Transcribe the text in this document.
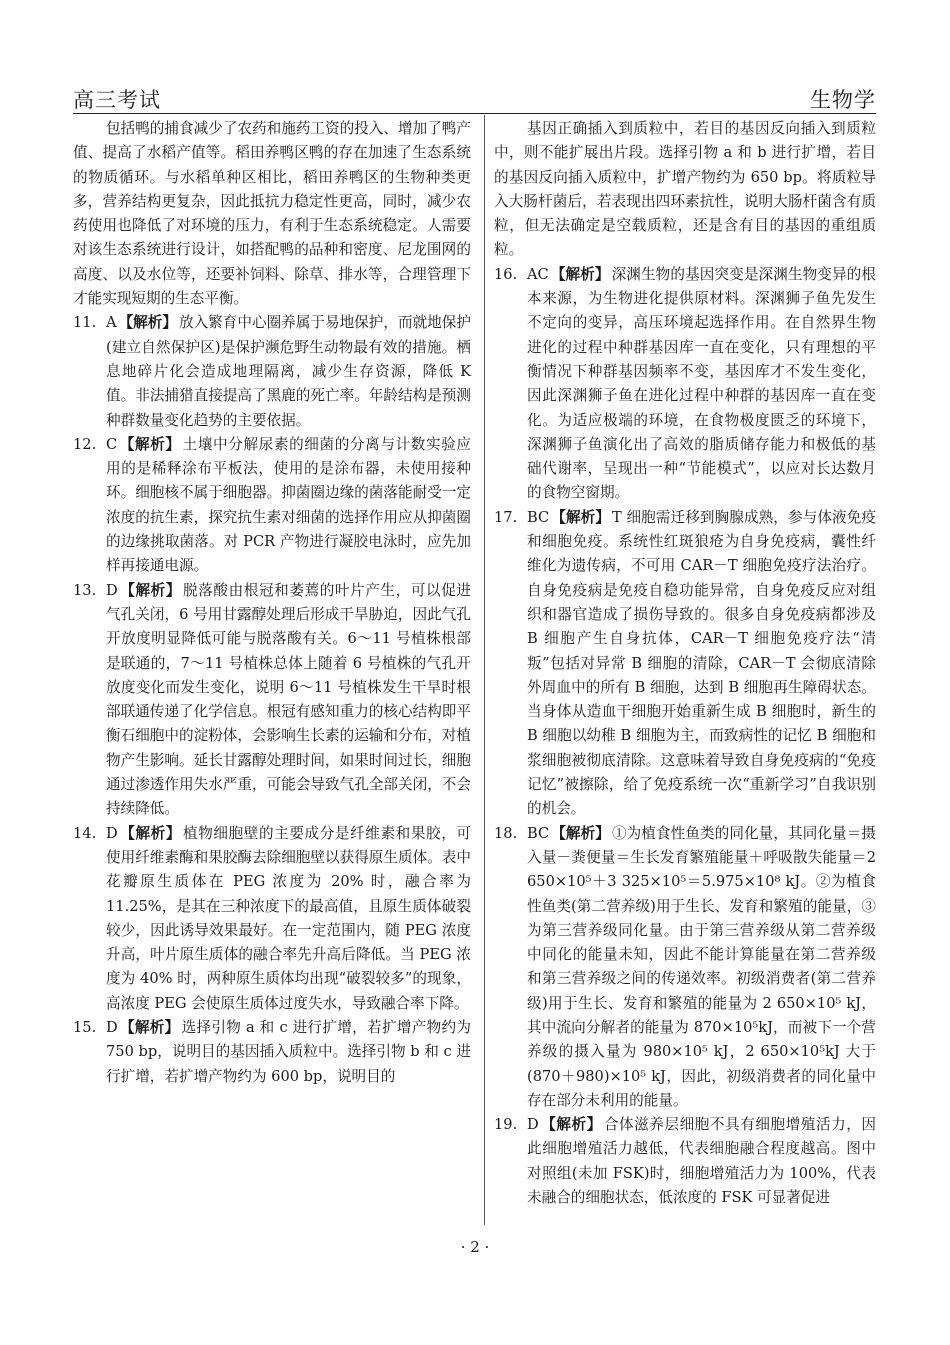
高三考试	生物学

包括鸭的捕食减少了农药和施药工资的投入、增加了鸭产值、提高了水稻产值等。稻田养鸭区鸭的存在加速了生态系统的物质循环。与水稻单种区相比，稻田养鸭区的生物种类更多，营养结构更复杂，因此抵抗力稳定性更高，同时，减少农药使用也降低了对环境的压力，有利于生态系统稳定。人需要对该生态系统进行设计，如搭配鸭的品种和密度、尼龙围网的高度、以及水位等，还要补饲料、除草、排水等，合理管理下才能实现短期的生态平衡。

11. A 【解析】 放入繁育中心圈养属于易地保护，而就地保护(建立自然保护区)是保护濒危野生动物最有效的措施。栖息地碎片化会造成地理隔离，减少生存资源，降低 K 值。非法捕猎直接提高了黑鹿的死亡率。年龄结构是预测种群数量变化趋势的主要依据。
12. C 【解析】 土壤中分解尿素的细菌的分离与计数实验应用的是稀释涂布平板法，使用的是涂布器，未使用接种环。细胞核不属于细胞器。抑菌圈边缘的菌落能耐受一定浓度的抗生素，探究抗生素对细菌的选择作用应从抑菌圈的边缘挑取菌落。对 PCR 产物进行凝胶电泳时，应先加样再接通电源。
13. D 【解析】 脱落酸由根冠和萎蔫的叶片产生，可以促进气孔关闭，6 号用甘露醇处理后形成干旱胁迫，因此气孔开放度明显降低可能与脱落酸有关。6～11 号植株根部是联通的，7～11 号植株总体上随着 6 号植株的气孔开放度变化而发生变化，说明 6～11 号植株发生干旱时根部联通传递了化学信息。根冠有感知重力的核心结构即平衡石细胞中的淀粉体，会影响生长素的运输和分布，对植物产生影响。延长甘露醇处理时间，如果时间过长，细胞通过渗透作用失水严重，可能会导致气孔全部关闭，不会持续降低。
14. D 【解析】 植物细胞壁的主要成分是纤维素和果胶，可使用纤维素酶和果胶酶去除细胞壁以获得原生质体。表中花瓣原生质体在 PEG 浓度为 20% 时，融合率为 11.25%，是其在三种浓度下的最高值，且原生质体破裂较少，因此诱导效果最好。在一定范围内，随 PEG 浓度升高，叶片原生质体的融合率先升高后降低。当 PEG 浓度为 40% 时，两种原生质体均出现“破裂较多”的现象，高浓度 PEG 会使原生质体过度失水，导致融合率下降。
15. D 【解析】 选择引物 a 和 c 进行扩增，若扩增产物约为 750 bp，说明目的基因插入质粒中。选择引物 b 和 c 进行扩增，若扩增产物约为 600 bp，说明目的

基因正确插入到质粒中，若目的基因反向插入到质粒中，则不能扩展出片段。选择引物 a 和 b 进行扩增，若目的基因反向插入质粒中，扩增产物约为 650 bp。将质粒导入大肠杆菌后，若表现出四环素抗性，说明大肠杆菌含有质粒，但无法确定是空载质粒，还是含有目的基因的重组质粒。

16. AC 【解析】 深渊生物的基因突变是深渊生物变异的根本来源，为生物进化提供原材料。深渊狮子鱼先发生不定向的变异，高压环境起选择作用。在自然界生物进化的过程中种群基因库一直在变化，只有理想的平衡情况下种群基因频率不变，基因库才不发生变化，因此深渊狮子鱼在进化过程中种群的基因库一直在变化。为适应极端的环境，在食物极度匮乏的环境下，深渊狮子鱼演化出了高效的脂质储存能力和极低的基础代谢率，呈现出一种“节能模式”，以应对长达数月的食物空窗期。
17. BC 【解析】 T 细胞需迁移到胸腺成熟，参与体液免疫和细胞免疫。系统性红斑狼疮为自身免疫病，囊性纤维化为遗传病，不可用 CAR－T 细胞免疫疗法治疗。自身免疫病是免疫自稳功能异常，自身免疫反应对组织和器官造成了损伤导致的。很多自身免疫病都涉及 B 细胞产生自身抗体，CAR－T 细胞免疫疗法“清叛”包括对异常 B 细胞的清除，CAR－T 会彻底清除外周血中的所有 B 细胞，达到 B 细胞再生障碍状态。当身体从造血干细胞开始重新生成 B 细胞时，新生的 B 细胞以幼稚 B 细胞为主，而致病性的记忆 B 细胞和浆细胞被彻底清除。这意味着导致自身免疫病的“免疫记忆”被擦除，给了免疫系统一次“重新学习”自我识别的机会。
18. BC 【解析】 ①为植食性鱼类的同化量，其同化量＝摄入量－粪便量＝生长发育繁殖能量＋呼吸散失能量＝2 650×10⁵＋3 325×10⁵＝5.975×10⁸ kJ。②为植食性鱼类(第二营养级)用于生长、发育和繁殖的能量，③为第三营养级同化量。由于第三营养级从第二营养级中同化的能量未知，因此不能计算能量在第二营养级和第三营养级之间的传递效率。初级消费者(第二营养级)用于生长、发育和繁殖的能量为 2 650×10⁵ kJ，其中流向分解者的能量为 870×10⁵kJ，而被下一个营养级的摄入量为 980×10⁵ kJ，2 650×10⁵kJ 大于(870＋980)×10⁵ kJ，因此，初级消费者的同化量中存在部分未利用的能量。
19. D 【解析】 合体滋养层细胞不具有细胞增殖活力，因此细胞增殖活力越低，代表细胞融合程度越高。图中对照组(未加 FSK)时，细胞增殖活力为 100%，代表未融合的细胞状态，低浓度的 FSK 可显著促进
· 2 ·
